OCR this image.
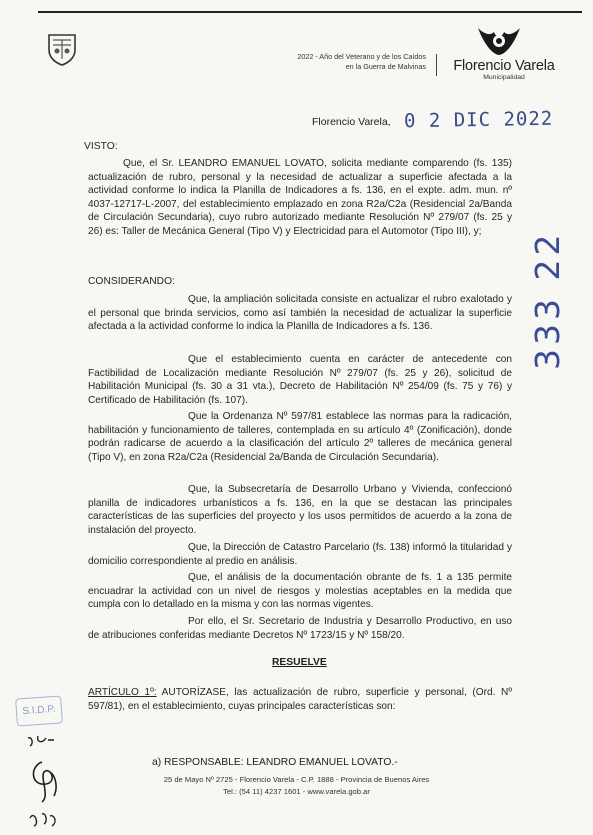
2022 - Año del Veterano y de los Caídos
en la Guerra de Malvinas	Florencio Varela
Municipalidad
Florencio Varela, 0 2 DIC 2022
VISTO:
Que, el Sr. LEANDRO EMANUEL LOVATO, solicita mediante comparendo (fs. 135) actualización de rubro, personal y la necesidad de actualizar a superficie afectada a la actividad conforme lo indica la Planilla de Indicadores a fs. 136, en el expte. adm. mun. nº 4037-12717-L-2007, del establecimiento emplazado en zona R2a/C2a (Residencial 2a/Banda de Circulación Secundaria), cuyo rubro autorizado mediante Resolución Nº 279/07 (fs. 25 y 26) es: Taller de Mecánica General (Tipo V) y Electricidad para el Automotor (Tipo III), y;
CONSIDERANDO:
Que, la ampliación solicitada consiste en actualizar el rubro exalotado y el personal que brinda servicios, como así también la necesidad de actualizar la superficie afectada a la actividad conforme lo indica la Planilla de Indicadores a fs. 136.
Que el establecimiento cuenta en carácter de antecedente con Factibilidad de Localización mediante Resolución Nº 279/07 (fs. 25 y 26), solicitud de Habilitación Municipal (fs. 30 a 31 vta.), Decreto de Habilitación Nº 254/09 (fs. 75 y 76) y Certificado de Habilitación (fs. 107).
Que la Ordenanza Nº 597/81 establece las normas para la radicación, habilitación y funcionamiento de talleres, contemplada en su artículo 4º (Zonificación), donde podrán radicarse de acuerdo a la clasificación del artículo 2º talleres de mecánica general (Tipo V), en zona R2a/C2a (Residencial 2a/Banda de Circulación Secundaria).
Que, la Subsecretaría de Desarrollo Urbano y Vivienda, confeccionó planilla de indicadores urbanísticos a fs. 136, en la que se destacan las principales características de las superficies del proyecto y los usos permitidos de acuerdo a la zona de instalación del proyecto.
Que, la Dirección de Catastro Parcelario (fs. 138) informó la titularidad y domicilio correspondiente al predio en análisis.
Que, el análisis de la documentación obrante de fs. 1 a 135 permite encuadrar la actividad con un nivel de riesgos y molestias aceptables en la medida que cumpla con lo detallado en la misma y con las normas vigentes.
Por ello, el Sr. Secretario de Industria y Desarrollo Productivo, en uso de atribuciones conferidas mediante Decretos Nº 1723/15 y Nº 158/20.
333 22
RESUELVE
ARTÍCULO 1º: AUTORÍZASE, las actualización de rubro, superficie y personal, (Ord. Nº 597/81), en el establecimiento, cuyas principales características son:
a) RESPONSABLE: LEANDRO EMANUEL LOVATO.-
S.I.D.P.
25 de Mayo Nº 2725 - Florencio Varela - C.P. 1888 - Provincia de Buenos Aires
Tel.: (54 11) 4237 1601 - www.varela.gob.ar
